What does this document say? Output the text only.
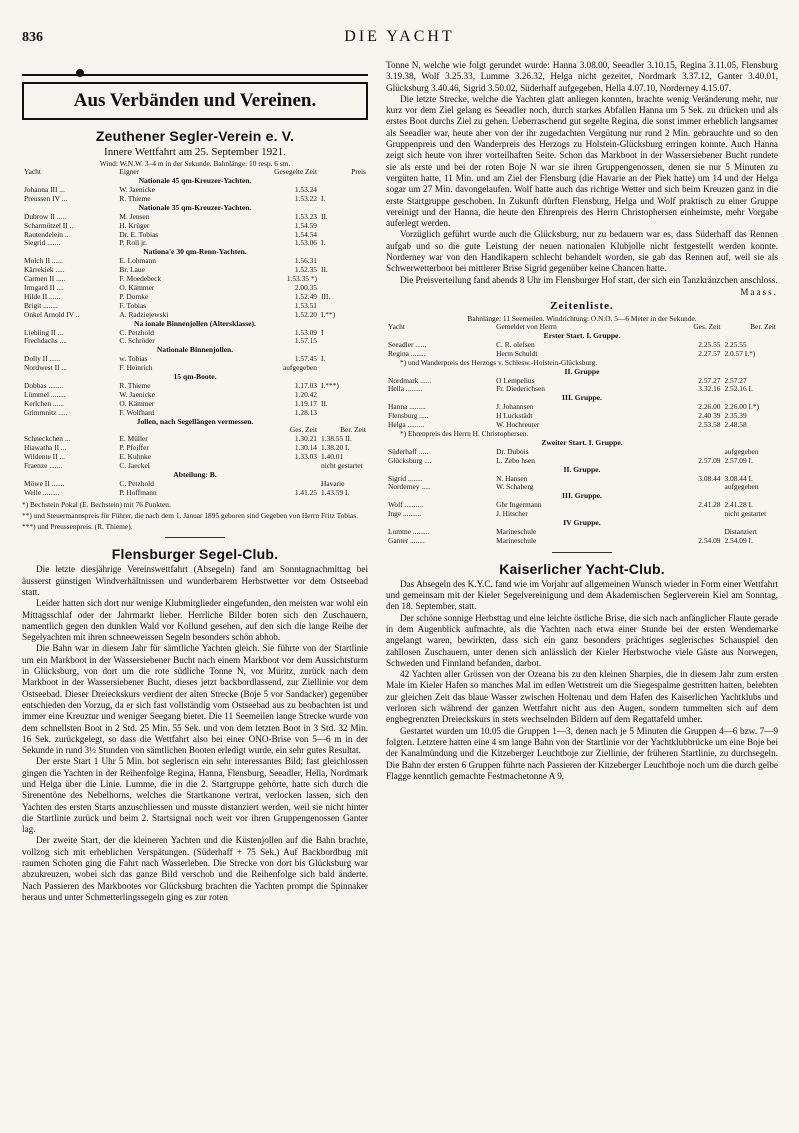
836	DIE YACHT
Aus Verbänden und Vereinen.
Zeuthener Segler-Verein e. V.
Innere Wettfahrt am 25. September 1921.
Wind: W.N.W. 3–4 m in der Sekunde. Bahnlänge: 10 resp. 6 sm.
Yacht	Eigner	Gesegelte Zeit	Preis
Nationale 45 qm-Kreuzer-Yachten.			
Johanna III ...	W. Jaenicke	1.53.24	
Preussen IV ...	R. Thieme	1.53.22	I.
Nationale 35 qm-Kreuzer-Yachten.			
Dubrow II .....	M. Jensen	1.53.23	II.
Scharmützel II ..	H. Krüger	1.54.59	
Rautendelein ..	Dr. E. Tobias	1.54.54	
Siegrid .......	P. Roll jr.	1.53.06	I.
Nationa'e 30 qm-Renn-Yachten.			
Molch II ......	E. Lohmann	1.56.31	
Kärrekiek .....	Br. Laue	1.52.35	II.
Carmen II .....	F. Moedebeck	1.53.35 *)	
Irmgard II ....	O. Kämmer	2.00.35	
Hilde II ......	P. Domke	1.52.49	III.
Brigit ........	F. Tobias	1.53.51	
Onkel Arnold IV ..	A. Radziejewski	1.52.20	I.**)
Na ionale Binnenjollen (Altersklasse).			
Liebling II ...	C. Petzhold	1.53.09	I
Frechdachs ....	C. Schröder	1.57.15	
Nationale Binnenjollen.			
Dolly II ......	w. Tobias	1.57.45	I.
Nordwest II ...	F. Heinrich	aufgegeben	
15 qm-Boote.			
Dobbas ........	R. Thieme	1.17.03	I.***)
Lümmel ........	W. Jaenicke	1.20.42	
Kerlchen ......	O. Kämmer	1.19.17	II.
Grimmnitz .....	F. Wolfhard	1.28.13	
Jollen, nach Segellängen vermessen.			
		Ges. Zeit	Ber. Zeit
Schneckchen ...	E. Müller	1.30.21	1.38.55 II.
Hiawatha II ...	P. Pfeiffer	1.30.14	1.38.20 I.
Wildente II ...	E. Kuhnke	1.33.03	1.40.01
Fraenze .......	C. Jaeckel		nicht gestartet
Abteilung: B.			
Möwe II .......	C. Petzhold		Havarie
Welle .........	P. Hoffmann	1.41.25	1.43.59 I.
*) Bechstein Pokal (E. Bechstein) mit 76 Punkten.
**) und Steuermannspreis für Führer, die nach dem 1. Januar 1895 geboren sind Gegeben von Herrn Fritz Tobias.
***) und Preussenpreis. (R. Thieme).
Flensburger Segel-Club.

Die letzte diesjährige Vereinswettfahrt (Absegeln) fand am Sonntagnachmittag bei äusserst günstigen Windverhältnissen und wunderbarem Herbstwetter vor dem Ostseebad statt.

Leider hatten sich dort nur wenige Klubmitglieder eingefunden, den meisten war wohl ein Mittagsschlaf oder der Jahrmarkt lieber. Herrliche Bilder boten sich den Zuschauern, namentlich gegen den dunklen Wald vor Kollund gesehen, auf den sich die lange Reihe der Segelyachten mit ihren schneeweissen Segeln besonders schön abhob.

Die Bahn war in diesem Jahr für sämtliche Yachten gleich. Sie führte von der Startlinie um ein Markboot in der Wassersiebener Bucht nach einem Markboot vor dem Aussichtsturm in Glücksburg, von dort um die rote südliche Tonne N, vor Müritz, zurück nach dem Markboot in der Wassersiebener Bucht, dieses jetzt backbordlassend, zur Ziellinie vor dem Ostseebad. Dieser Dreieckskurs verdient der alten Strecke (Boje 5 vor Sandacker) gegenüber entschieden den Vorzug, da er sich fast vollständig vom Ostseebad aus zu beobachten ist und immer eine Kreuztur und weniger Seegang bietet. Die 11 Seemeilen lange Strecke wurde von dem schnellsten Boot in 2 Std. 25 Min. 55 Sek. und von dem letzten Boot in 3 Std. 32 Min. 16 Sek. zurückgelegt, so dass die Wettfahrt also bei einer ONO-Brise von 5—6 m in der Sekunde in rund 3½ Stunden von sämtlichen Booten erledigt wurde, ein sehr gutes Resultat.

Der erste Start 1 Uhr 5 Min. bot segleriscn ein sehr interessantes Bild; fast gleichlossen gingen die Yachten in der Reihenfolge Regina, Hanna, Flensburg, Seeadler, Hella, Nordmark und Helga über die Linie. Lumme, die in die 2. Startgruppe gehörte, hatte sich durch die Sirenentöne des Nebelhorns, welches die Startkanone vertrat, verlocken lassen, sich den Yachten des ersten Starts anzuschliessen und musste distanziert werden, weil sie nicht hinter die Startlinie zurück und beim 2. Startsignal noch weit vor ihren Gruppengenossen Ganter lag.

Der zweite Start, der die kleineren Yachten und die Küstenjollen auf die Bahn brachte, vollzog sich mit erheblichen Verspätungen. (Süderhaff + 75 Sek.) Auf Backbordbug mit raumen Schoten ging die Fahrt nach Wasserleben. Die Strecke von dort bis Glücksburg war abzukreuzen, wobei sich das ganze Bild verschob und die Reihenfolge sich bald änderte. Nach Passieren des Markbootes vor Glücksburg brachten die Yachten prompt die Spinnaker heraus und unter Schmetterlingssegeln ging es zur roten

Tonne N, welche wie folgt gerundet wurde: Hanna 3.08.00, Seeadler 3.10.15, Regina 3.11.05, Flensburg 3.19.38, Wolf 3.25.33, Lumme 3.26.32, Helga nicht gezeitet, Nordmark 3.37.12, Ganter 3.40.01, Glücksburg 3.40.46, Sigrid 3.50.02, Süderhaff aufgegeben, Hella 4.07.10, Norderney 4.15.07.

Die letzte Strecke, welche die Yachten glatt anliegen konnten, brachte wenig Veränderung mehr, nur kurz vor dem Ziel gelang es Seeadler noch, durch starkes Abfallen Hanna um 5 Sek. zu drücken und als erstes Boot durchs Ziel zu gehen. Ueberraschend gut segelte Regina, die sonst immer erheblich langsamer als Seeadler war, heute aber von der ihr zugedachten Vergütung nur rund 2 Min. gebrauchte und so den Gruppenpreis und den Wanderpreis des Herzogs zu Holstein-Glücksburg erringen konnte. Auch Hanna zeigt sich heute von ihrer vorteilhaften Seite. Schon das Markboot in der Wassersiebener Bucht rundete sie als erste und bei der roten Boje N war sie ihren Gruppengenossen, denen sie nur 5 Minuten zu vergüten hatte, 11 Min. und am Ziel der Flensburg (die Havarie an der Piek hatte) um 14 und der Helga sogar um 27 Min. davongelaufen. Wolf hatte auch das richtige Wetter und sich beim Kreuzen ganz in die erste Startgruppe geschoben. In Zukunft dürften Flensburg, Helga und Wolf praktisch zu einer Gruppe vereinigt und der Hanna, die heute den Ehrenpreis des Herrn Christophersen einheimste, mehr Vorgabe auferlegt werden.

Vorzüglich geführt wurde auch die Glücksburg, nur zu bedauern war es, dass Süderhaff das Rennen aufgab und so die gute Leistung der neuen nationalen Klubjolle nicht festgestellt werden konnte. Norderney war von den Handikapern schlecht behandelt worden, sie gab das Rennen auf, weil sie als Schwerwetterboot bei mittlerer Brise Sigrid gegenüber keine Chancen hatte.

Die Preisverteilung fand abends 8 Uhr im Flensburger Hof statt, der sich ein Tanzkränzchen anschloss.

Maass.
Zeitenliste.
Bahnlänge: 11 Seemeilen. Windrichtung: O.N.O. 5—6 Meter in der Sekunde.
Yacht	Gemeldet von Herrn	Ges. Zeit	Ber. Zeit
Erster Start. I. Gruppe.			
Seeadler ......	C. R. olefsen	2.25.55	2.25.55
Regina ........	Herm Schuldt	2.27.57	2.0.57 I.*)
*) und Wanderpreis des Herzogs v. Schlesw.-Holstein-Glücksburg.			
II. Gruppe			
Nordmark ......	O Lempelius	2.57.27	2.57.27
Hella .........	Fr. Diederichsen	3.32.16	2.52.16 I.
III. Gruppe.			
Hanna .........	J. Johannsen	2.26.00	2.26.00 I.*)
Flensburg .....	H Luckstädt	2.40 39	2.35.39
Helga .........	W. Hochreuter	2.53.58	2.48.58
*) Ehrenpreis des Herrn H. Christophersen.			
Zweiter Start. I. Gruppe.			
Süderhaff .....	Dr. Dubois		aufgegeben
Glücksburg ....	L. Zebo hsen	2.57.09	2.57.09 I.
II. Gruppe.			
Sigrid ........	N. Hansen	3.08.44	3.08.44 I.
Norderney .....	W. Schaberg		aufgegeben
III. Gruppe.			
Wolf ..........	Gbr Ingermann	2.41.28	2.41.28 I.
Inge ..........	J. Hitscher		nicht gestartet
IV Gruppe.			
Lumme .........	Marineschule		Distanziert
Ganter ........	Marineschule	2.54.09	2.54.09 I.
Kaiserlicher Yacht-Club.

Das Absegeln des K.Y.C. fand wie im Vorjahr auf allgemeinen Wunsch wieder in Form einer Wettfahrt und gemeinsam mit der Kieler Segelvereinigung und dem Akademischen Seglerverein Kiel am Sonntag, den 18. September, statt.

Der schöne sonnige Herbsttag und eine leichte östliche Brise, die sich nach anfänglicher Flaute gerade in dem Augenblick aufmachte, als die Yachten nach etwa einer Stunde bei der ersten Wendemarke angelangt waren, bewirkten, dass sich ein ganz besonders prächtiges seglerisches Schauspiel den zahllosen Zuschauern, unter denen sich anlässlich der Kieler Herbstwoche viele Gäste aus Norwegen, Schweden und Finnland befanden, darbot.

42 Yachten aller Grössen von der Ozeana bis zu den kleinen Sharpies, die in diesem Jahr zum ersten Male im Kieler Hafen so manches Mal im edlen Wettstreit um die Siegespalme gestritten hatten, belebten zur gleichen Zeit das blaue Wasser zwischen Holtenau und dem Hafen des Kaiserlichen Yachtklubs und verloren sich während der ganzen Wettfahrt nicht aus den Augen, sondern tummelten sich auf dem engbegrenzten Dreieckskurs in stets wechselnden Bildern auf dem Regattafeld umher.

Gestartet wurden um 10.05 die Gruppen 1—3, denen nach je 5 Minuten die Gruppen 4—6 bzw. 7—9 folgten. Letztere hatten eine 4 sm lange Bahn von der Startlinie vor der Yachtklubbrücke um eine Boje bei der Kanalmündung und die Kitzeberger Leuchtboje zur Ziellinie, der früheren Startlinie, zu durchsegeln. Die Bahn der ersten 6 Gruppen führte nach Passieren der Kitzeberger Leuchtboje noch um die durch gelbe Flagge kenntlich gemachte Festmachetonne A 9,
